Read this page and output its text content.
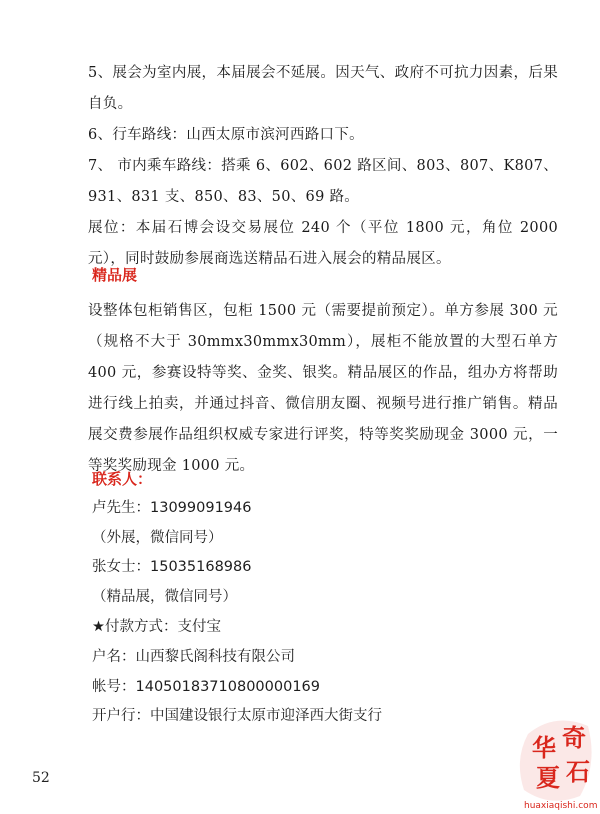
5、展会为室内展，本届展会不延展。因天气、政府不可抗力因素，后果自负。

6、行车路线：山西太原市滨河西路口下。

7、 市内乘车路线：搭乘 6、602、602 路区间、803、807、K807、931、831 支、850、83、50、69 路。

展位：本届石博会设交易展位 240 个（平位 1800 元，角位 2000 元），同时鼓励参展商选送精品石进入展会的精品展区。

精品展

设整体包柜销售区，包柜 1500 元（需要提前预定）。单方参展 300 元（规格不大于 30mmx30mmx30mm），展柜不能放置的大型石单方 400 元，参赛设特等奖、金奖、银奖。精品展区的作品，组办方将帮助进行线上拍卖，并通过抖音、微信朋友圈、视频号进行推广销售。精品展交费参展作品组织权威专家进行评奖，特等奖奖励现金 3000 元，一等奖奖励现金 1000 元。

联系人：
卢先生：13099091946
（外展，微信同号）
张女士：15035168986
（精品展，微信同号）
★付款方式：支付宝
户名：山西黎氏阁科技有限公司
帐号：14050183710800000169
开户行：中国建设银行太原市迎泽西大街支行
52
华 奇
夏 石
huaxiaqishi.com
